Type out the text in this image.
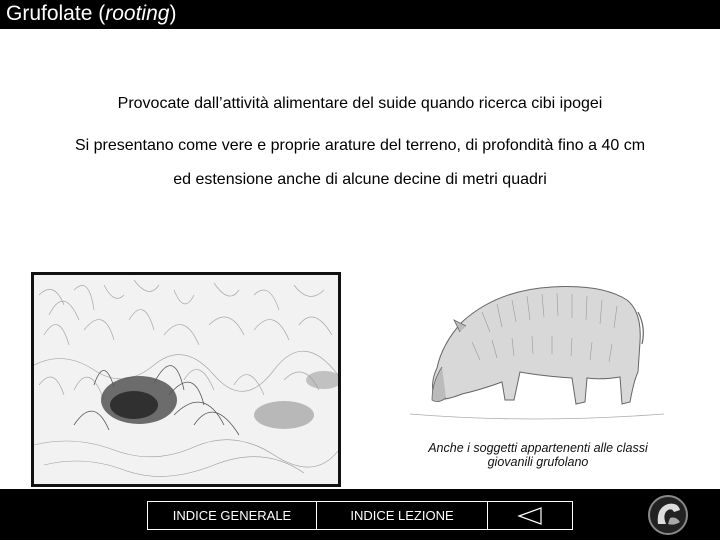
Grufolate (rooting)
Provocate dall’attività alimentare del suide quando ricerca cibi ipogei
Si presentano come vere e proprie arature del terreno, di profondità fino a 40 cm
ed estensione anche di alcune decine di metri quadri
Anche i soggetti appartenenti alle classi
giovanili grufolano
INDICE GENERALE	INDICE LEZIONE
